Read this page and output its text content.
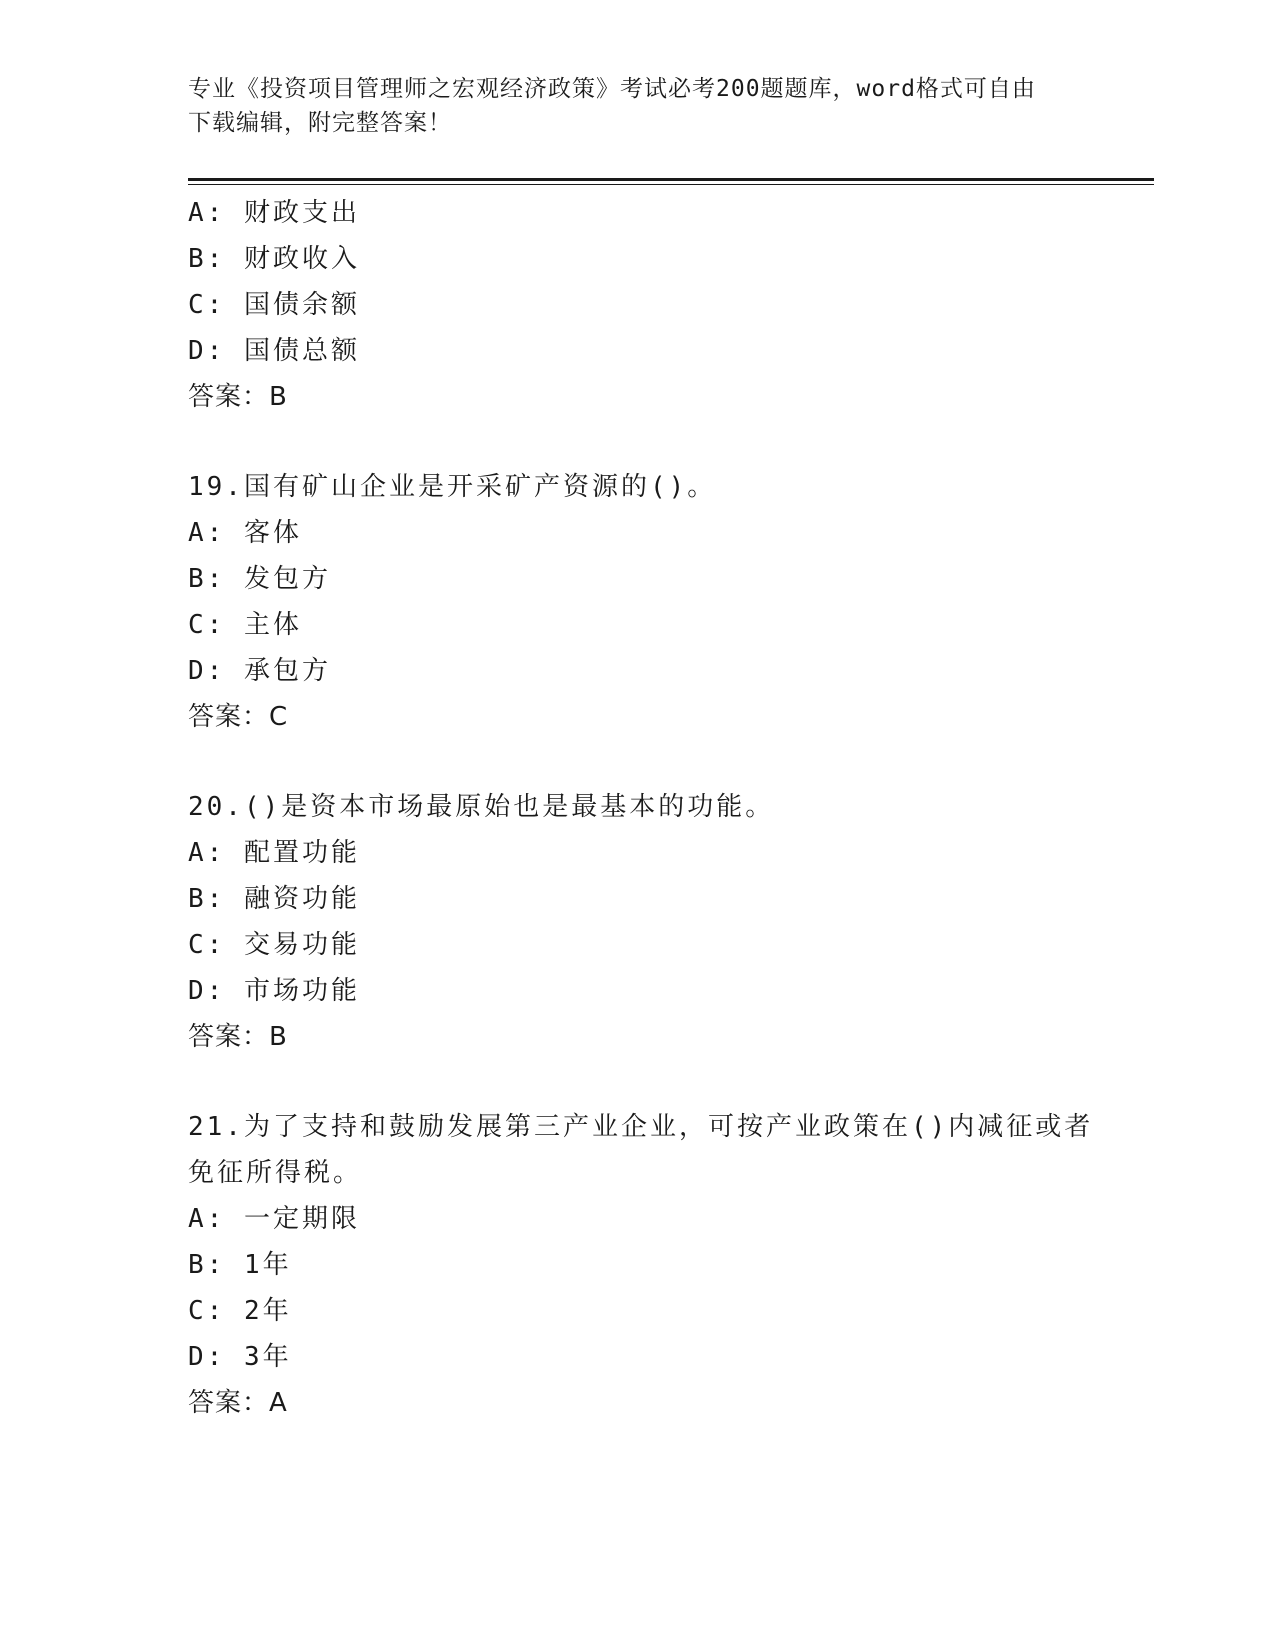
专业《投资项目管理师之宏观经济政策》考试必考200题题库，word格式可自由
下载编辑，附完整答案！
A: 财政支出
B: 财政收入
C: 国债余额
D: 国债总额
答案：B
19.国有矿山企业是开采矿产资源的()。
A: 客体
B: 发包方
C: 主体
D: 承包方
答案：C
20.()是资本市场最原始也是最基本的功能。
A: 配置功能
B: 融资功能
C: 交易功能
D: 市场功能
答案：B
21.为了支持和鼓励发展第三产业企业，可按产业政策在()内减征或者
免征所得税。
A: 一定期限
B: 1年
C: 2年
D: 3年
答案：A
